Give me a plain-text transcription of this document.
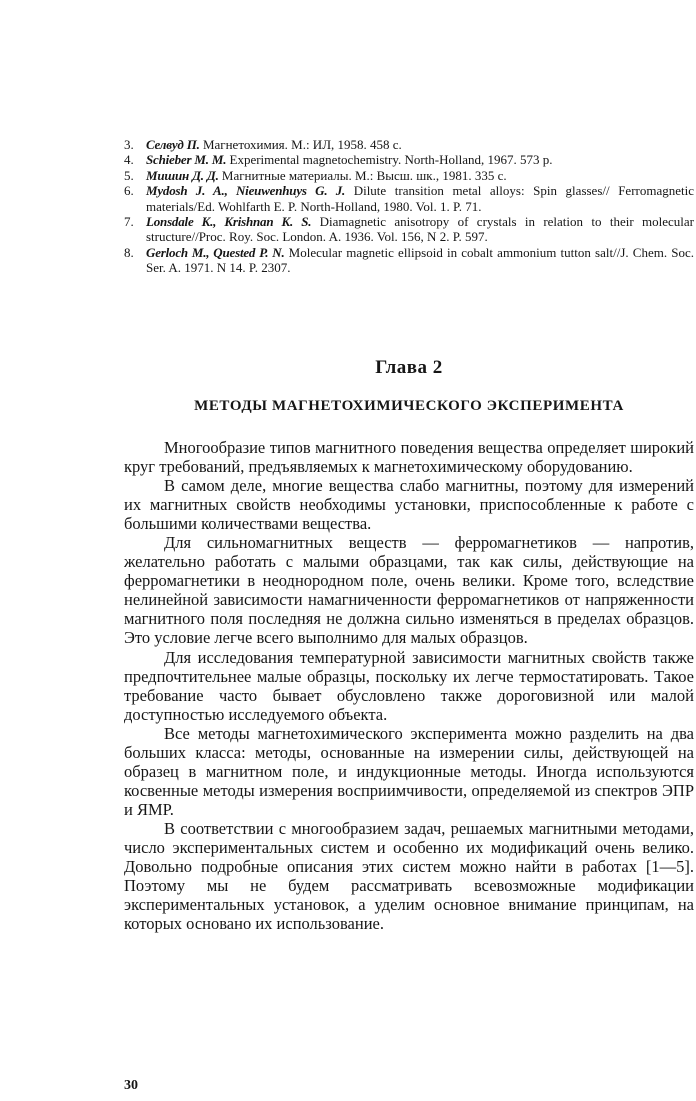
3. Селвуд П. Магнетохимия. М.: ИЛ, 1958. 458 с.

4. Schieber M. M. Experimental magnetochemistry. North-Holland, 1967. 573 p.

5. Мишин Д. Д. Магнитные материалы. М.: Высш. шк., 1981. 335 с.

6. Mydosh J. A., Nieuwenhuys G. J. Dilute transition metal alloys: Spin glasses// Ferromagnetic materials/Ed. Wohlfarth E. P. North-Holland, 1980. Vol. 1. P. 71.

7. Lonsdale K., Krishnan K. S. Diamagnetic anisotropy of crystals in relation to their molecular structure//Proc. Roy. Soc. London. A. 1936. Vol. 156, N 2. P. 597.

8. Gerloch M., Quested P. N. Molecular magnetic ellipsoid in cobalt ammonium tutton salt//J. Chem. Soc. Ser. A. 1971. N 14. P. 2307.

Глава 2
МЕТОДЫ МАГНЕТОХИМИЧЕСКОГО ЭКСПЕРИМЕНТА

Многообразие типов магнитного поведения вещества определяет широкий круг требований, предъявляемых к магнетохимическому оборудованию.

В самом деле, многие вещества слабо магнитны, поэтому для измерений их магнитных свойств необходимы установки, приспособленные к работе с большими количествами вещества.

Для сильномагнитных веществ — ферромагнетиков — напротив, желательно работать с малыми образцами, так как силы, действующие на ферромагнетики в неоднородном поле, очень велики. Кроме того, вследствие нелинейной зависимости намагниченности ферромагнетиков от напряженности магнитного поля последняя не должна сильно изменяться в пределах образцов. Это условие легче всего выполнимо для малых образцов.

Для исследования температурной зависимости магнитных свойств также предпочтительнее малые образцы, поскольку их легче термостатировать. Такое требование часто бывает обусловлено также дороговизной или малой доступностью исследуемого объекта.

Все методы магнетохимического эксперимента можно разделить на два больших класса: методы, основанные на измерении силы, действующей на образец в магнитном поле, и индукционные методы. Иногда используются косвенные методы измерения восприимчивости, определяемой из спектров ЭПР и ЯМР.

В соответствии с многообразием задач, решаемых магнитными методами, число экспериментальных систем и особенно их модификаций очень велико. Довольно подробные описания этих систем можно найти в работах [1—5]. Поэтому мы не будем рассматривать всевозможные модификации экспериментальных установок, а уделим основное внимание принципам, на которых основано их использование.

30
